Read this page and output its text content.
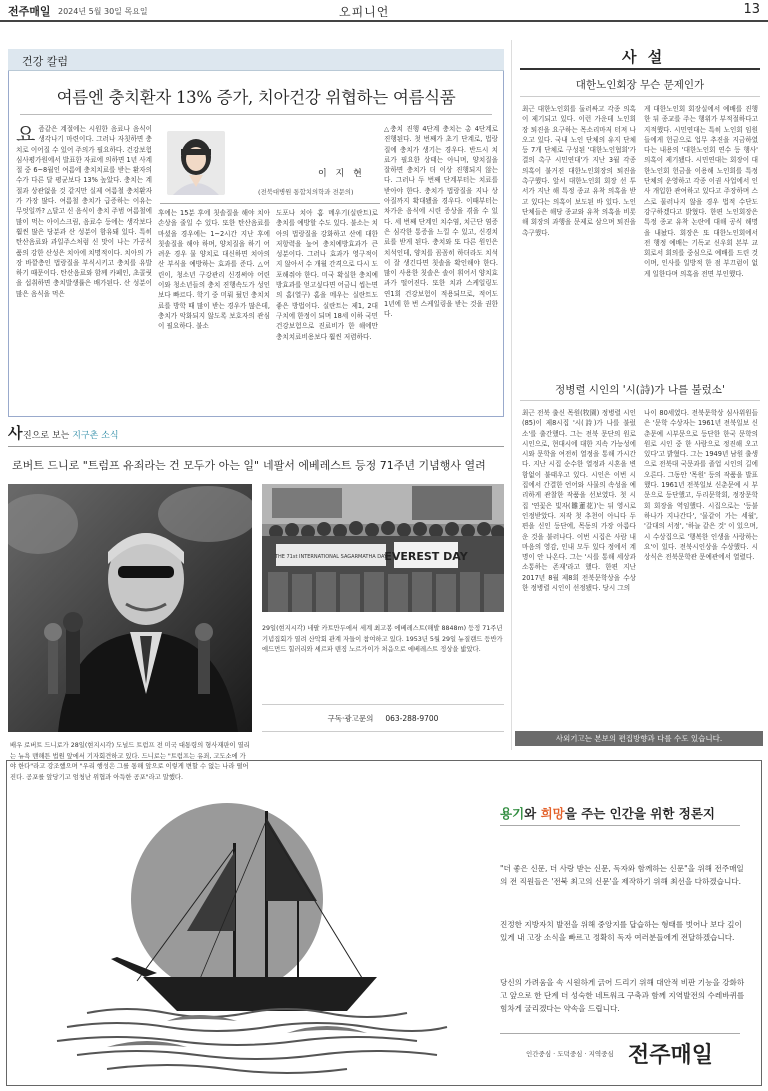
전주매일 2024년 5월 30일 목요일	오피니언	13
건강 칼럼
여름엔 충치환자 13% 증가, 치아건강 위협하는 여름식품
요 즘같은 계절에는 시원한 음료나 음식이 생각나기 마련이다. 그러나 자칫하면 충치로 이어질 수 있어 주의가 필요하다. 건강보험심사평가원에서 발표한 자료에 의하면 1년 사계절 중 6~8월인 여름에 충치치료를 받는 환자의 수가 다른 달 평균보다 13% 높았다. 충치는 계절과 상관없을 것 같지만 실제 여름철 충치환자가 가장 많다. 여름철 충치가 급증하는 이유는 무엇일까? △달고 신 음식이 충치 주범 여름철에 많이 먹는 아이스크림, 음료수 등에는 생각보다 훨씬 많은 당분과 산 성분이 함유돼 있다. 특히 탄산음료와 과일주스처럼 신 맛이 나는 가공식품의 강한 산성은 치아에 치명적이다. 치아의 가장 바깥층인 법랑질을 부식시키고 충치를 유발하기 때문이다. 탄산음료와 함께 카페인, 초콜릿을 섭취하면 충치발생률은 배가된다. 산 성분이 많은 음식을 먹은
이 지 현
(전북대병원 통합치의학과 전문의)
후에는 15분 후에 칫솔질을 해야 치아손상을 줄일 수 있다. 또한 탄산음료를 마셨을 경우에는 1~2시간 지난 후에 칫솔질을 해야 하며, 양치질을 하기 어려운 경우 물 양치로 대신하면 치아의 산 부식을 예방하는 효과를 준다. △어린이, 청소년 구강관리 신경써야 어린이와 청소년들의 충치 진행속도가 성인보다 빠르다. 학기 중 미뤄 뒀던 충치치료를 방학 때 많이 받는 경우가 많은데, 충치가 악화되지 않도록 보호자의 관심이 필요하다. 불소
도포나 치아 홈 메우기(실란트)로 충치를 예방할 수도 있다. 불소는 치아의 법랑질을 강화하고 산에 대한 저항력을 높여 충치예방효과가 큰 성분이다. 그러나 효과가 영구적이지 않아서 수 개월 간격으로 다시 도포해줘야 한다. 미국 확실한 충치예방효과를 얻고싶다면 어금니 씹는면의 홈(열구) 홈을 메우는 실란트도 좋은 방법이다. 실란트는 제1, 2대구치에 한정이 되며 18세 이하 국민건강보험으로 진료비가 한 해에만 충치치료비용보다 훨씬 저렴하다.
△충치 진행 4단계 충치는 총 4단계로 진행된다. 첫 번째가 초기 단계로, 법랑질에 충치가 생기는 경우다. 반드시 치료가 필요한 상태는 아니며, 양치질을 잘하면 충치가 더 이상 진행되지 않는다. 그러나 두 번째 단계부터는 치료를 받아야 한다. 충치가 법랑질을 지나 상아질까지 확대됐을 경우다. 이때부터는 차가운 음식에 시린 증상을 겪을 수 있다. 세 번째 단계인 치수염, 치근단 염증은 심각한 통증을 느낄 수 있고, 신경치료를 받게 된다. 충치와 또 다른 원인은 치석인데, 양치를 꼼꼼히 하더라도 치석이 잘 생긴다면 칫솔을 확인해야 한다. 많이 사용한 칫솔은 솔이 휘어서 양치효과가 떨어진다. 또한 치과 스케일링도 연1회 건강보험이 적용되므로, 적어도 1년에 한 번 스케일링을 받는 것을 권한다.
사 설
대한노인회장 무슨 문제인가
최근 대한노인회를 둘러싸고 각종 의혹이 제기되고 있다. 이런 가운데 노인회장 퇴진을 요구하는 목소리마저 터져 나오고 있다. 국내 노인 단체의 유지 단체 등 7개 단체로 구성된 '대한노인협회'가 결의 촉구 시민연대'가 지난 3월 각종 의혹이 불거진 대한노인회장의 퇴진을 촉구했다. 앞서 대한노인회 회장 선 투서가 지난 해 특정 종교 유착 의혹을 받고 있다는 의혹이 보도된 바 있다. 노인 단체들은 해당 종교와 유착 의혹을 비롯해 회장의 과행을 문제로 삼으며 퇴진을 촉구했다.
게 대한노인회 회장실에서 예배를 진행한 뒤 종교를 주는 행위가 부적절하다고 지적했다. 시민연대는 특히 노인회 임원들에게 헌금으로 업무 추진을 지금하였다는 내용의 '대한노인회 연수 등 행사' 의혹이 제기됐다. 시민연대는 회장이 대한노인회 헌금을 이용해 노인회를 특정 단체의 운영하고 각종 이권 사업에서 인사 개입한 관여하고 있다고 주장하며 스스로 물러나지 않을 경우 법적 수단도 강구하겠다고 밝혔다. 한편 노인회장은 특정 종교 유착 논란에 대해 공식 해명을 내놨다. 회장은 또 대한노인회에서 전 행정 예배는 기독교 신우회 본부 교회로서 회의를 중심으로 예배를 드린 것이며, 인사를 일방적 한 점 부끄럼이 없게 일한다며 의혹을 전면 부인했다.
정병렬 시인의 '시(詩)가 나를 불렀소'
최근 전북 출신 목원(牧園) 정병렬 시인(85)이 제8시집 '시(詩)가 나를 불렀소'를 출간했다. 그는 전북 문단의 원로 시인으로, 현대시에 대한 지속 가능성에 시와 문학을 여전히 열정을 통해 가시간다. 지난 시집 순수한 열정과 시혼을 변함없이 불태우고 있다. 시인은 이번 시집에서 간결한 언어와 사물의 속성을 예리하게 관찰한 작품을 선보였다. 첫 시집 '연꽃은 빛자(雛蓮花)'는 뒤 영시로 인정받았다. 저작 첫 추천이 아니다 두 편을 신인 등단에, 목동의 가장 아름다운 것을 불러나다. 이번 시집은 사람 내 마음의 영감, 인내 모두 있다 정에서 계명이 안 나온다. 그는 '시를 통해 세상과 소통하는 존재'라고 했다. 한편 지난 2017년 8월 제8회 전북문학상을 수상한 정병렬 시인이 선정됐다. 당시 그의
나이 80세였다. 전북문학상 심사위원들은 '문학 수상자는 1961년 전북일보 신춘문예 시부문으로 등단한 한국 문학의 원로 시인 중 한 사람으로 정진해 오고 있다'고 밝혔다. 그는 1949년 남원 출생으로 전북대 국문과를 졸업 시인의 길에 오른다. 그동안 '목원' 등의 작품을 발표했다. 1961년 전북일보 신춘문예 시 부문으로 등단했고, 두리문학회, 정장문학회 회장을 역임했다. 시집으로는 '등불 하나가 지나간다', '물같이 가는 세월', '갈대의 서정', '하늘 같은 것' 이 있으며, 시 수상집으로 '행복한 인생을 사랑하는 요'이 있다. 전북시인상을 수상했다. 시상식은 전북문학관 문예관에서 열렸다.
사외기고는 본보의 편집방향과 다를 수도 있습니다.
사 진으로 보는 지구촌 소식
로버트 드니로 "트럼프 유죄라는 건 모두가 아는 일" 네팔서 에베레스트 등정 71주년 기념행사 열려
배우 로버트 드니로가 28일(현지시각) 도널드 트럼프 전 미국 대통령의 형사재판이 열리는 뉴욕 맨해튼 법원 앞에서 기자회견하고 있다. 드니로는 "트럼프는 유죄, 고도소에 가야 한다"라고 강조했으며 "우리 행성은 그를 통해 앞으로 이렇게 변할 수 없는 나라 떨어진다. 공포를 앞당기고 엄청난 위협과 아득한 공포"라고 말했다.
THE 71st INTERNATIONAL SAGARMATHA DAY
EVEREST DAY
29일(현지시각) 네팔 카트만두에서 세계 최고봉 에베레스트(해발 8848m) 등정 71주년 기념집회가 열려 산악회 관계 자들이 참여하고 있다. 1953년 5월 29일 뉴질랜드 등반가 에드먼드 힐러리와 셰르파 텐징 노르가이가 처음으로 에베레스트 정상을 밟았다.
구독·광고문의 063-288-9700
용기와 희망을 주는 인간을 위한 정론지
"더 좋은 신문, 더 사랑 받는 신문, 독자와 함께하는 신문"을 위해 전주매일의 전 직원들은 '전북 최고의 신문'을 제작하기 위해 최선을 다하겠습니다.
진정한 지방자치 발전을 위해 중앙지를 답습하는 형태를 벗어나 보다 깊이 있게 내 고장 소식을 빠르고 정확히 독자 여러분들에게 전달하겠습니다.
당신의 가려움을 속 시원하게 긁어 드리기 위해 대안적 비판 기능을 강화하고 앞으로 한 단계 더 성숙한 네트워크 구축과 함께 지역발전의 수레바퀴를 힘차게 굴리겠다는 약속을 드립니다.
인간중심 · 도덕중심 · 지역중심 전주매일
